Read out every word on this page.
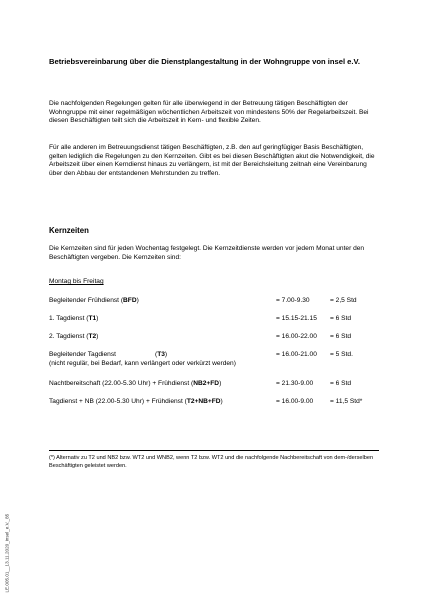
Betriebsvereinbarung über die Dienstplangestaltung in der Wohngruppe von insel e.V.
Die nachfolgenden Regelungen gelten für alle überwiegend in der Betreuung tätigen Beschäftigten der Wohngruppe mit einer regelmäßigen wöchentlichen Arbeitszeit von mindestens 50% der Regelarbeitszeit. Bei diesen Beschäftigten teilt sich die Arbeitszeit in Kern- und flexible Zeiten.
Für alle anderen im Betreuungsdienst tätigen Beschäftigten, z.B. den auf geringfügiger Basis Beschäftigten, gelten lediglich die Regelungen zu den Kernzeiten. Gibt es bei diesen Beschäftigten akut die Notwendigkeit, die Arbeitszeit über einen Kerndienst hinaus zu verlängern, ist mit der Bereichsleitung zeitnah eine Vereinbarung über den Abbau der entstandenen Mehrstunden zu treffen.
Kernzeiten
Die Kernzeiten sind für jeden Wochentag festgelegt. Die Kernzeitdienste werden vor jedem Monat unter den Beschäftigten vergeben. Die Kernzeiten sind:
Montag bis Freitag
Begleitender Frühdienst (BFD)	= 7.00-9.30	= 2,5 Std
1. Tagdienst (T1)	= 15.15-21.15 = 6 Std
2. Tagdienst (T2)	= 16.00-22.00 = 6 Std
Begleitender Tagdienst	(T3)	= 16.00-21.00 = 5 Std.
(nicht regulär, bei Bedarf, kann verlängert oder verkürzt werden)
Nachtbereitschaft (22.00-5.30 Uhr) + Frühdienst (NB2+FD)	= 21.30-9.00	= 6 Std
Tagdienst + NB (22.00-5.30 Uhr) + Frühdienst (T2+NB+FD)	= 16.00-9.00	= 11,5 Std*
(*) Alternativ zu T2 und NB2 bzw. WT2 und WNB2, wenn T2 bzw. WT2 und die nachfolgende Nachbereitschaft von dem-/derselben Beschäftigten geleistet werden.
LE.005.01__13.11.2020_insel_e.V._85
